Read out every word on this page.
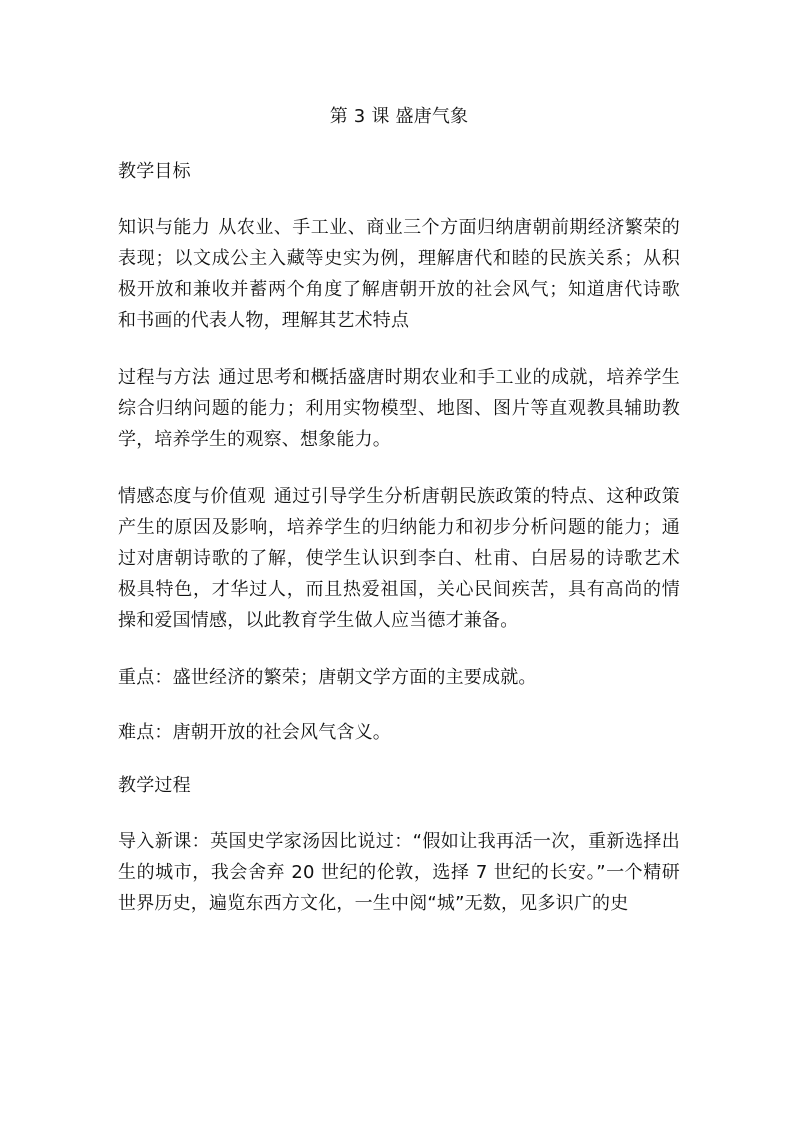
第 3 课 盛唐气象
教学目标
知识与能力 从农业、手工业、商业三个方面归纳唐朝前期经济繁荣的表现；以文成公主入藏等史实为例，理解唐代和睦的民族关系；从积极开放和兼收并蓄两个角度了解唐朝开放的社会风气；知道唐代诗歌和书画的代表人物，理解其艺术特点
过程与方法 通过思考和概括盛唐时期农业和手工业的成就，培养学生综合归纳问题的能力；利用实物模型、地图、图片等直观教具辅助教学，培养学生的观察、想象能力。
情感态度与价值观 通过引导学生分析唐朝民族政策的特点、这种政策产生的原因及影响，培养学生的归纳能力和初步分析问题的能力；通过对唐朝诗歌的了解，使学生认识到李白、杜甫、白居易的诗歌艺术极具特色，才华过人，而且热爱祖国，关心民间疾苦，具有高尚的情操和爱国情感，以此教育学生做人应当德才兼备。
重点：盛世经济的繁荣；唐朝文学方面的主要成就。
难点：唐朝开放的社会风气含义。
教学过程
导入新课：英国史学家汤因比说过：“假如让我再活一次，重新选择出生的城市，我会舍弃 20 世纪的伦敦，选择 7 世纪的长安。”一个精研世界历史，遍览东西方文化，一生中阅“城”无数，见多识广的史
